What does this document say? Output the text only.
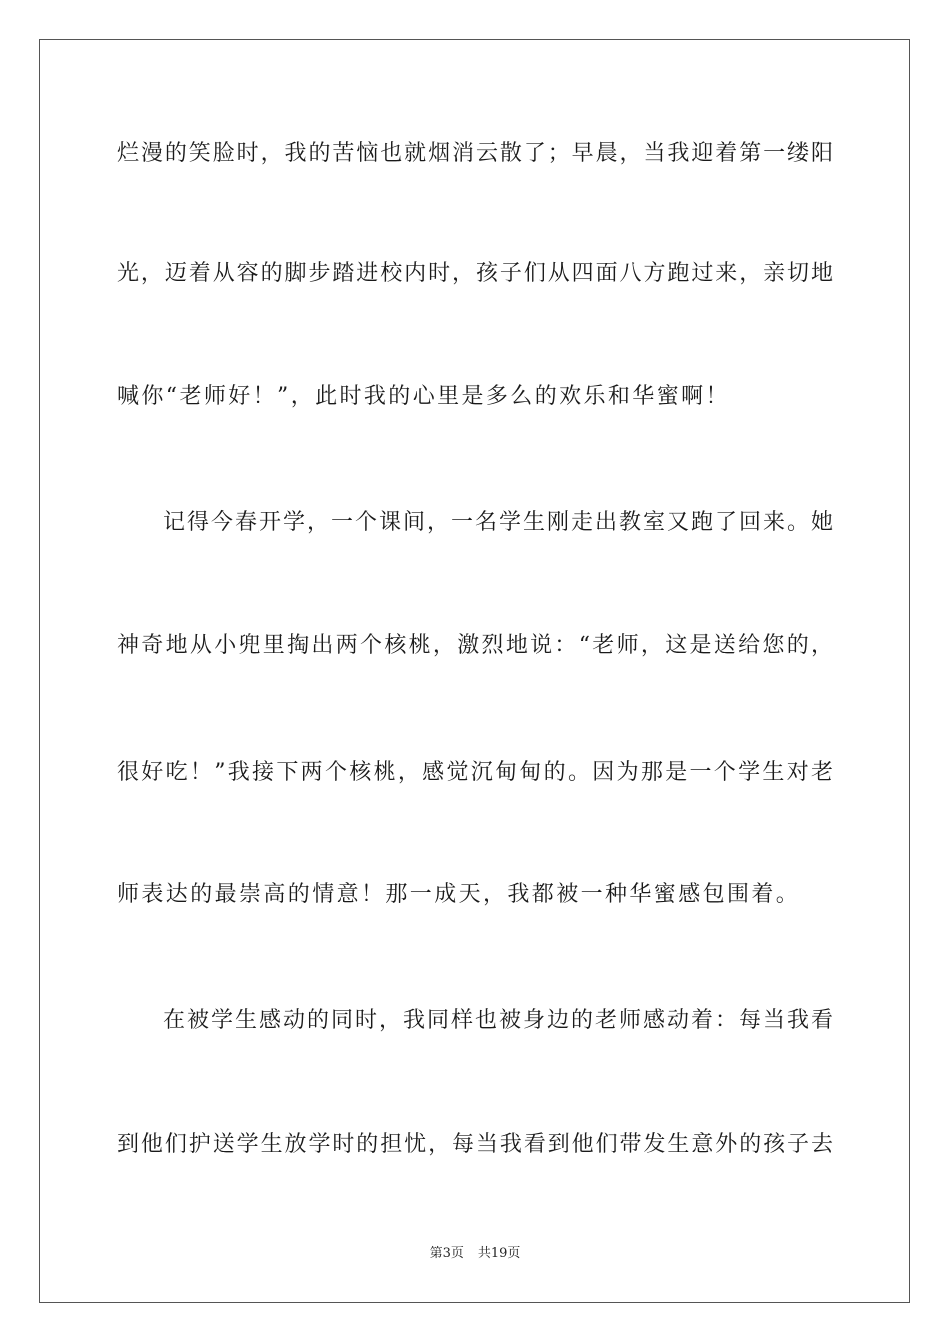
烂漫的笑脸时，我的苦恼也就烟消云散了；早晨，当我迎着第一缕阳
光，迈着从容的脚步踏进校内时，孩子们从四面八方跑过来，亲切地
喊你“老师好！”，此时我的心里是多么的欢乐和华蜜啊！
记得今春开学，一个课间，一名学生刚走出教室又跑了回来。她
神奇地从小兜里掏出两个核桃，激烈地说：“老师，这是送给您的，
很好吃！”我接下两个核桃，感觉沉甸甸的。因为那是一个学生对老
师表达的最崇高的情意！那一成天，我都被一种华蜜感包围着。
在被学生感动的同时，我同样也被身边的老师感动着：每当我看
到他们护送学生放学时的担忧，每当我看到他们带发生意外的孩子去
第3页 共19页
